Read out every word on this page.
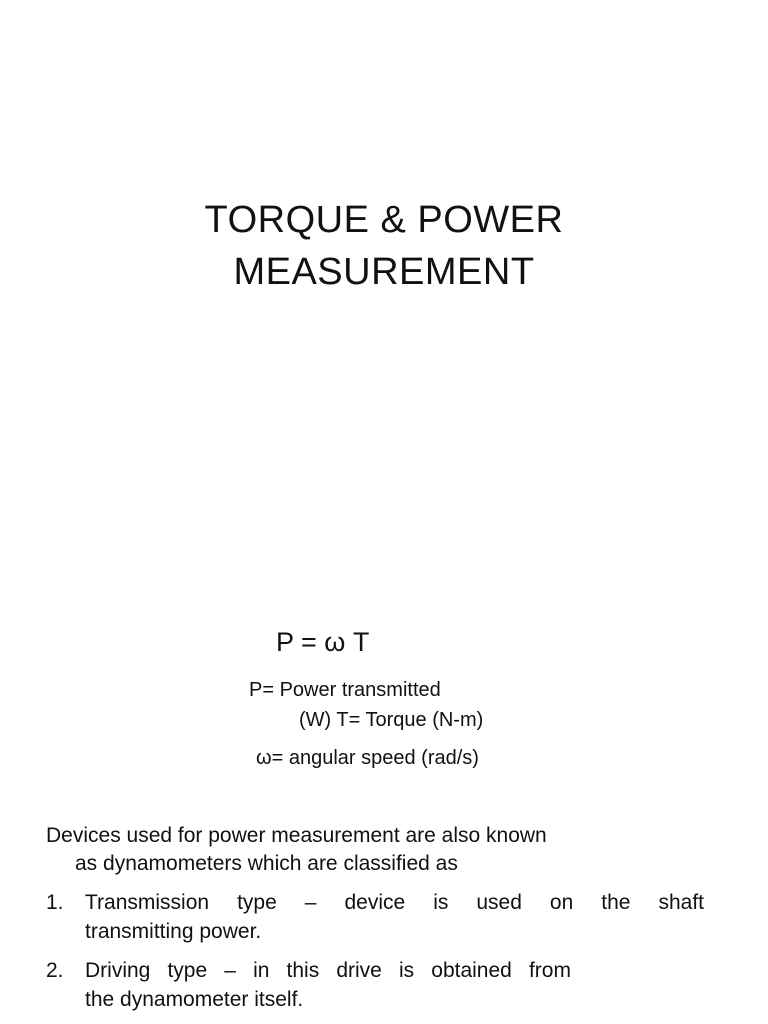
TORQUE & POWER
MEASUREMENT
P = ω T
P= Power transmitted
(W) T= Torque (N-m)
ω= angular speed (rad/s)
Devices used for power measurement are also known
as dynamometers which are classified as
1. Transmission type – device is used on the shaft
transmitting power.
2. Driving type – in this drive is obtained from
the dynamometer itself.
